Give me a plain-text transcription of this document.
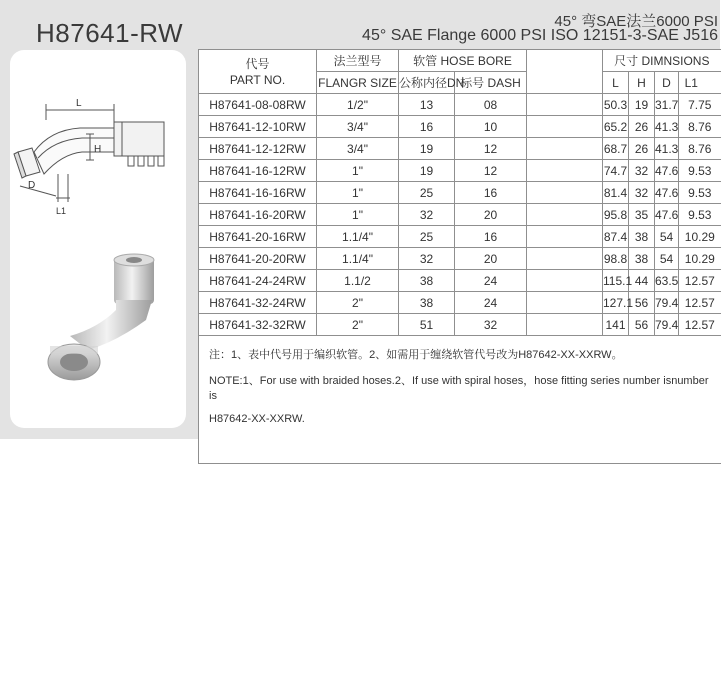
H87641-RW	45° 弯SAE法兰6000 PSI
45° SAE Flange 6000 PSI ISO 12151-3-SAE J516
L
H
D
L1
代号
PART NO.	法兰型号	软管 HOSE BORE			尺寸 DIMNSIONS			
	FLANGR SIZE	公称内径DN	标号 DASH		L	H	D	L1
H87641-08-08RW	1/2"	13	08		50.3	19	31.7	7.75
H87641-12-10RW	3/4"	16	10		65.2	26	41.3	8.76
H87641-12-12RW	3/4"	19	12		68.7	26	41.3	8.76
H87641-16-12RW	1"	19	12		74.7	32	47.6	9.53
H87641-16-16RW	1"	25	16		81.4	32	47.6	9.53
H87641-16-20RW	1"	32	20		95.8	35	47.6	9.53
H87641-20-16RW	1.1/4"	25	16		87.4	38	54	10.29
H87641-20-20RW	1.1/4"	32	20		98.8	38	54	10.29
H87641-24-24RW	1.1/2	38	24		115.1	44	63.5	12.57
H87641-32-24RW	2"	38	24		127.1	56	79.4	12.57
H87641-32-32RW	2"	51	32		141	56	79.4	12.57

注：1、表中代号用于编织软管。2、如需用于缠绕软管代号改为H87642-XX-XXRW。

NOTE:1、For use with braided hoses.2、If use with spiral hoses，hose fitting series number isnumber is

H87642-XX-XXRW.								
